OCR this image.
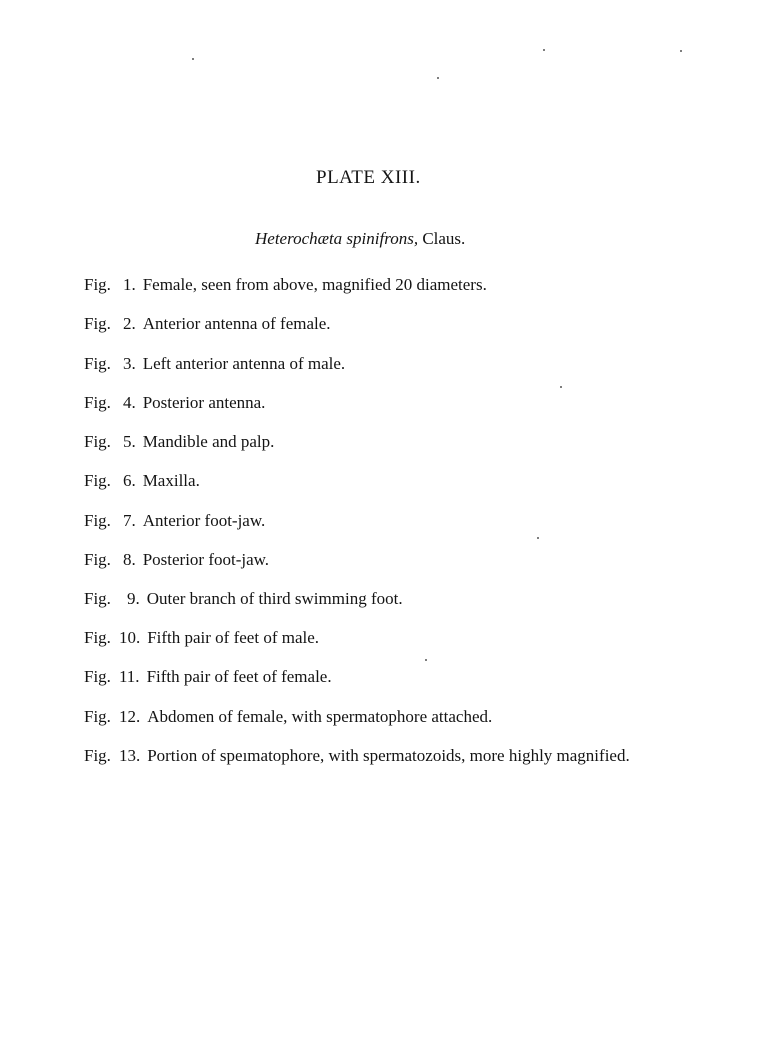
PLATE XIII.
Heterochæta spinifrons, Claus.
Fig. 1. Female, seen from above, magnified 20 diameters.
Fig. 2. Anterior antenna of female.
Fig. 3. Left anterior antenna of male.
Fig. 4. Posterior antenna.
Fig. 5. Mandible and palp.
Fig. 6. Maxilla.
Fig. 7. Anterior foot-jaw.
Fig. 8. Posterior foot-jaw.
Fig. 9. Outer branch of third swimming foot.
Fig. 10. Fifth pair of feet of male.
Fig. 11. Fifth pair of feet of female.
Fig. 12. Abdomen of female, with spermatophore attached.
Fig. 13. Portion of speımatophore, with spermatozoids, more highly magnified.
